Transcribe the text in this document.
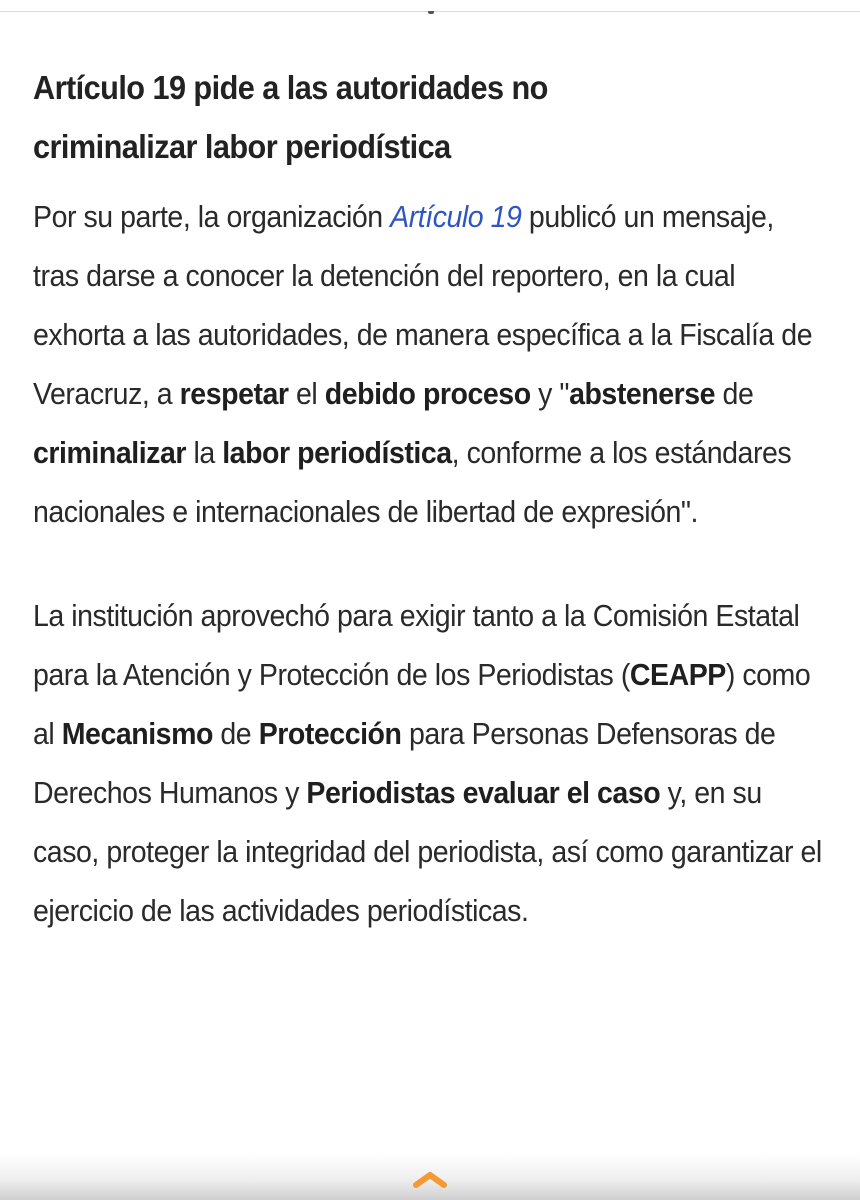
Artículo 19 pide a las autoridades no criminalizar labor periodística

Por su parte, la organización Artículo 19 publicó un mensaje, tras darse a conocer la detención del reportero, en la cual exhorta a las autoridades, de manera específica a la Fiscalía de Veracruz, a respetar el debido proceso y "abstenerse de criminalizar la labor periodística, conforme a los estándares nacionales e internacionales de libertad de expresión".

La institución aprovechó para exigir tanto a la Comisión Estatal para la Atención y Protección de los Periodistas (CEAPP) como al Mecanismo de Protección para Personas Defensoras de Derechos Humanos y Periodistas evaluar el caso y, en su caso, proteger la integridad del periodista, así como garantizar el ejercicio de las actividades periodísticas.
